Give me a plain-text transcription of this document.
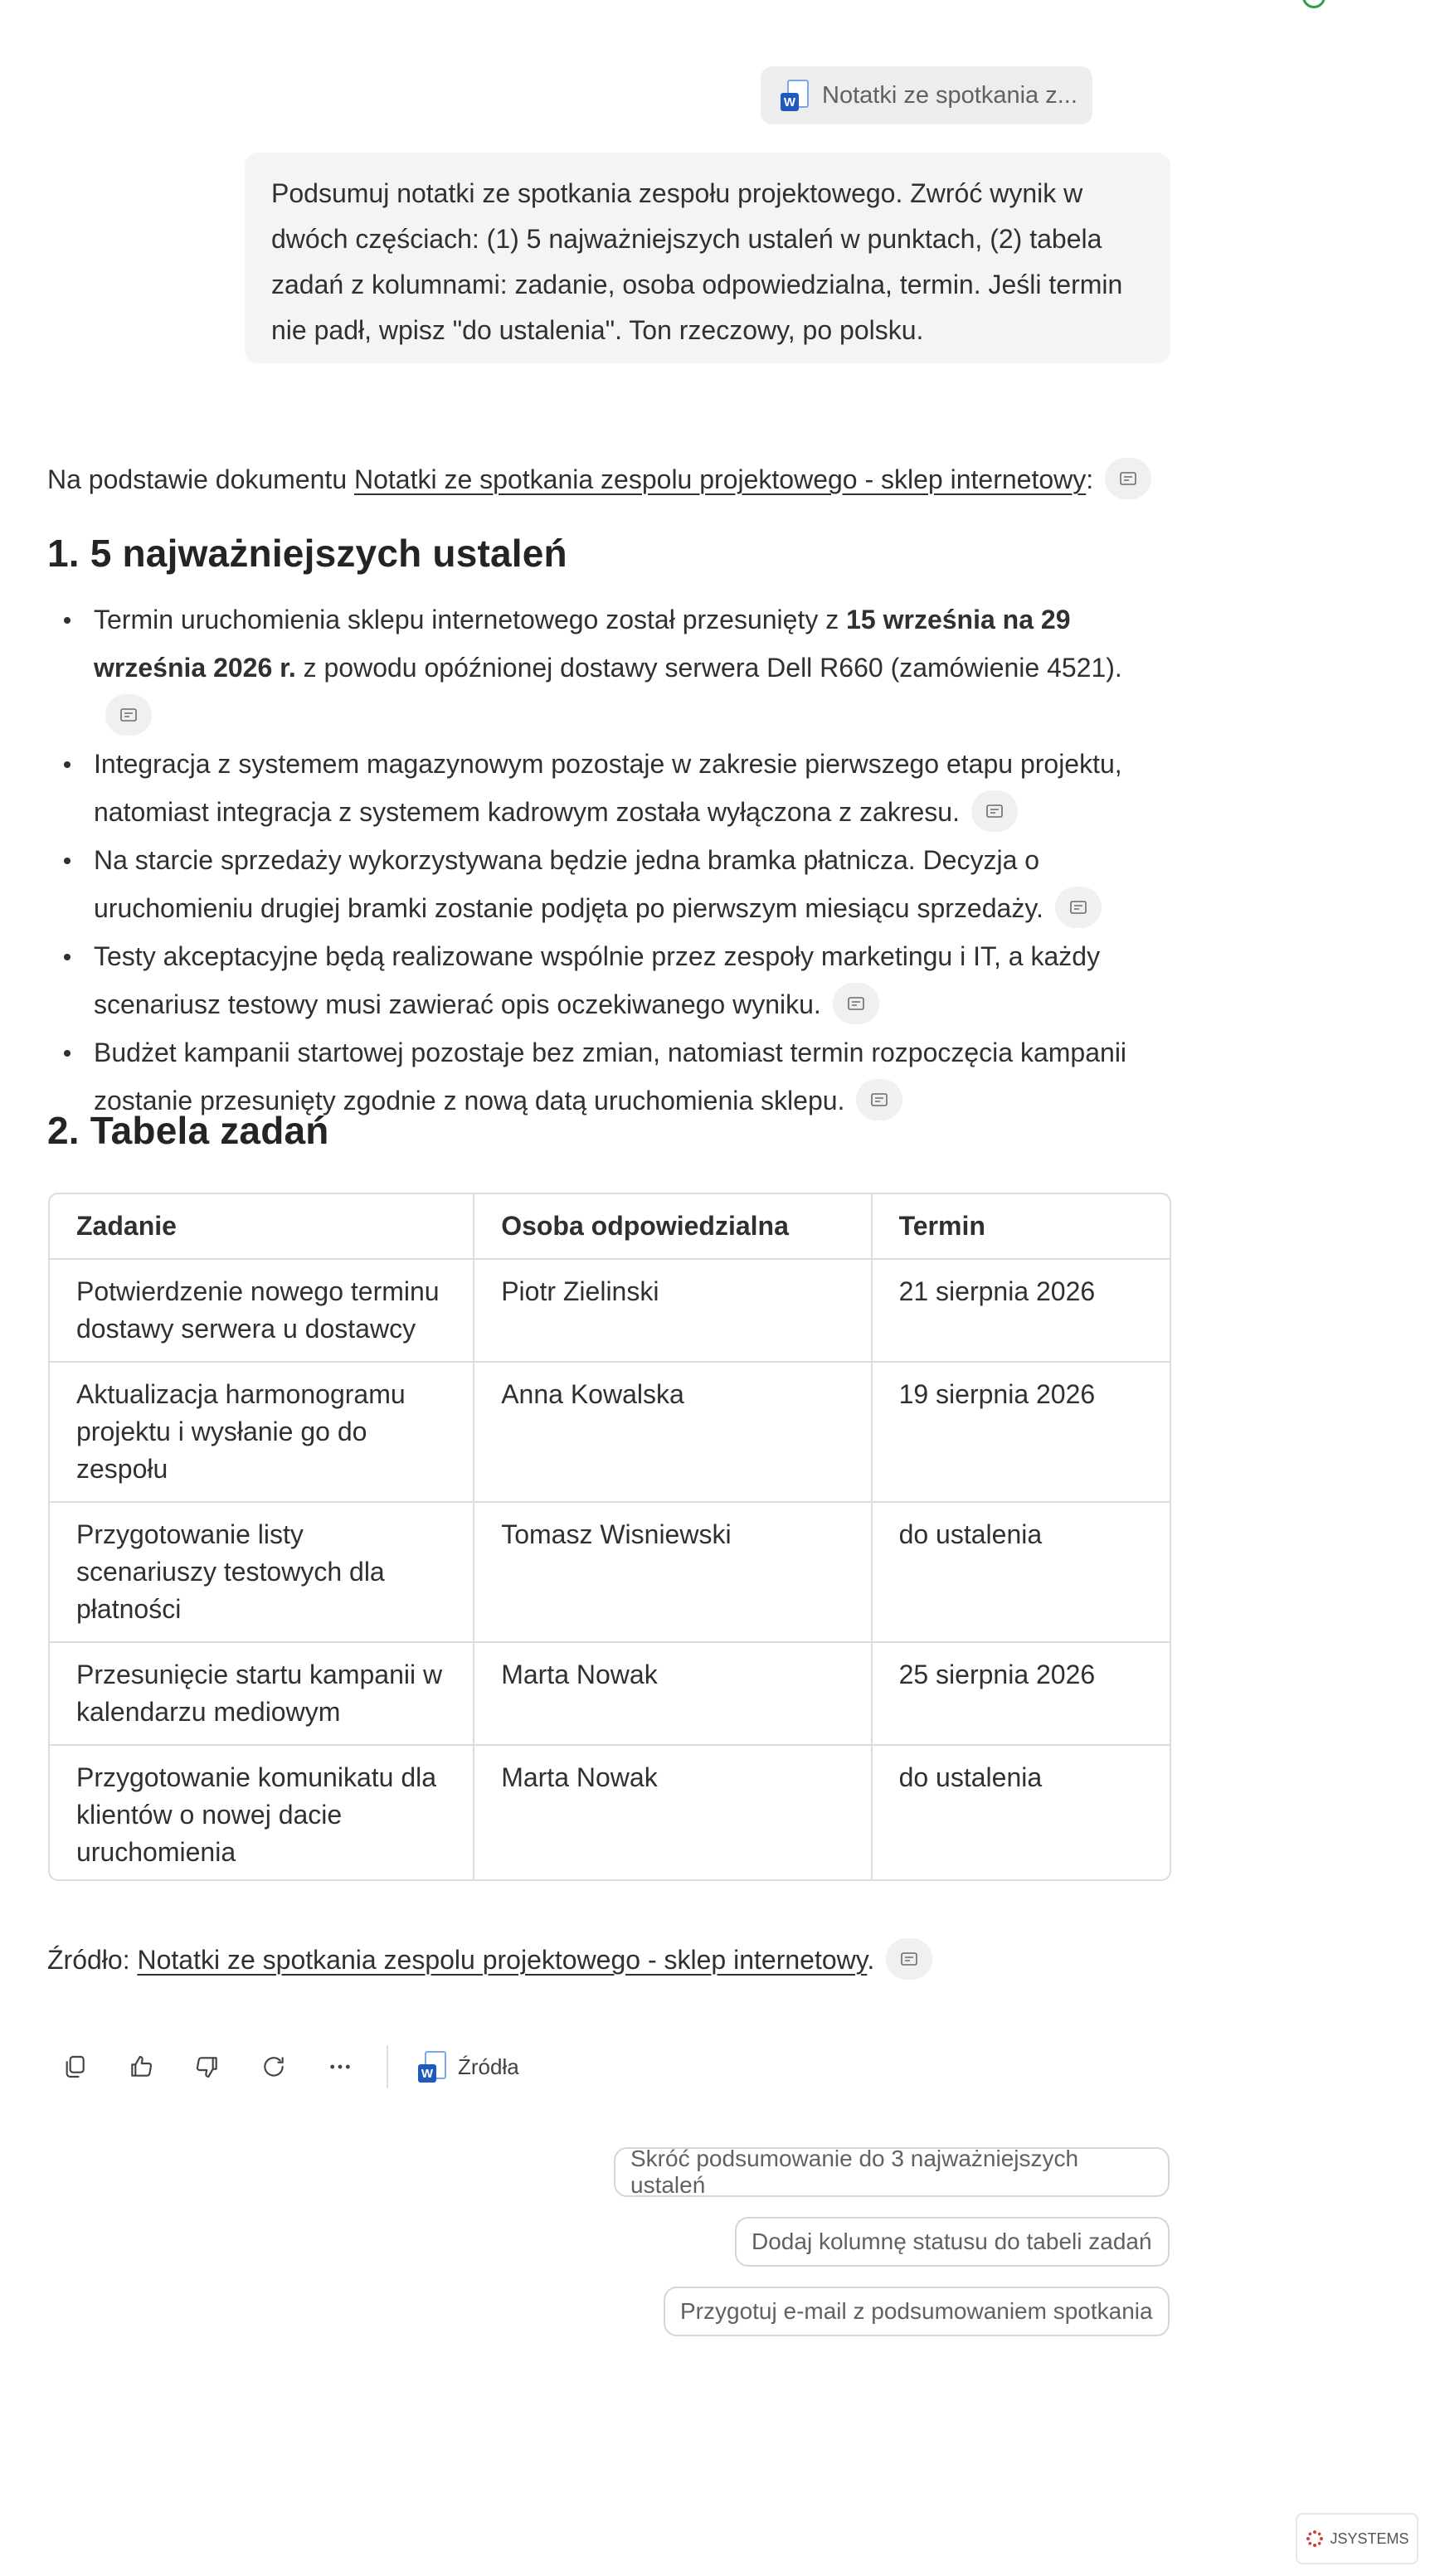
W Notatki ze spotkania z...
Podsumuj notatki ze spotkania zespołu projektowego. Zwróć wynik w dwóch częściach: (1) 5 najważniejszych ustaleń w punktach, (2) tabela zadań z kolumnami: zadanie, osoba odpowiedzialna, termin. Jeśli termin nie padł, wpisz "do ustalenia". Ton rzeczowy, po polsku.
Na podstawie dokumentu Notatki ze spotkania zespolu projektowego - sklep internetowy:
1. 5 najważniejszych ustaleń
Termin uruchomienia sklepu internetowego został przesunięty z 15 września na 29 września 2026 r. z powodu opóźnionej dostawy serwera Dell R660 (zamówienie 4521).
Integracja z systemem magazynowym pozostaje w zakresie pierwszego etapu projektu, natomiast integracja z systemem kadrowym została wyłączona z zakresu.
Na starcie sprzedaży wykorzystywana będzie jedna bramka płatnicza. Decyzja o uruchomieniu drugiej bramki zostanie podjęta po pierwszym miesiącu sprzedaży.
Testy akceptacyjne będą realizowane wspólnie przez zespoły marketingu i IT, a każdy scenariusz testowy musi zawierać opis oczekiwanego wyniku.
Budżet kampanii startowej pozostaje bez zmian, natomiast termin rozpoczęcia kampanii zostanie przesunięty zgodnie z nową datą uruchomienia sklepu.
2. Tabela zadań
Zadanie	Osoba odpowiedzialna	Termin
Potwierdzenie nowego terminu dostawy serwera u dostawcy	Piotr Zielinski	21 sierpnia 2026
Aktualizacja harmonogramu projektu i wysłanie go do zespołu	Anna Kowalska	19 sierpnia 2026
Przygotowanie listy scenariuszy testowych dla płatności	Tomasz Wisniewski	do ustalenia
Przesunięcie startu kampanii w kalendarzu mediowym	Marta Nowak	25 sierpnia 2026
Przygotowanie komunikatu dla klientów o nowej dacie uruchomienia	Marta Nowak	do ustalenia
Źródło: Notatki ze spotkania zespolu projektowego - sklep internetowy.
W Źródła
Skróć podsumowanie do 3 najważniejszych ustaleń
Dodaj kolumnę statusu do tabeli zadań
Przygotuj e-mail z podsumowaniem spotkania
JSYSTEMS
